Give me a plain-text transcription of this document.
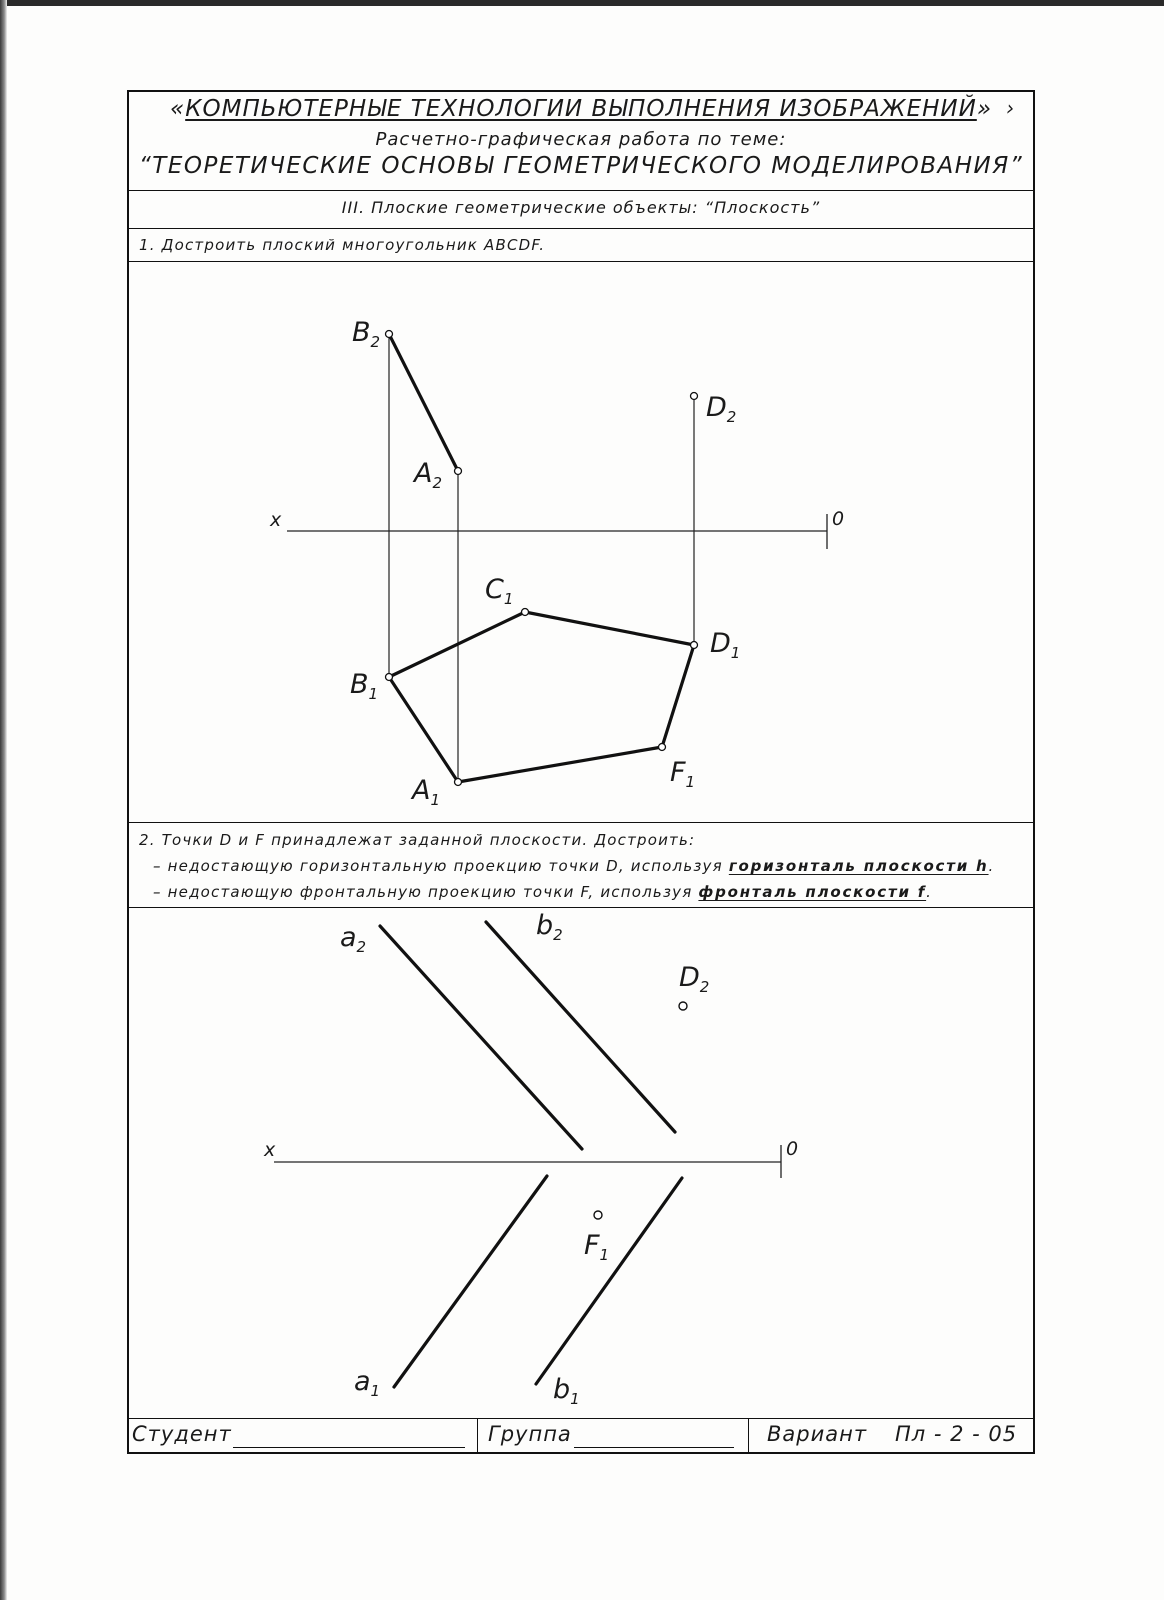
«КОМПЬЮТЕРНЫЕ ТЕХНОЛОГИИ ВЫПОЛНЕНИЯ ИЗОБРАЖЕНИЙ» ›
Расчетно-графическая работа по теме:
“ТЕОРЕТИЧЕСКИЕ ОСНОВЫ ГЕОМЕТРИЧЕСКОГО МОДЕЛИРОВАНИЯ”
III. Плоские геометрические объекты: “Плоскость”
1. Достроить плоский многоугольник ABCDF.
2. Точки D и F принадлежат заданной плоскости. Достроить:
– недостающую горизонтальную проекцию точки D, используя горизонталь плоскости h.
– недостающую фронтальную проекцию точки F, используя фронталь плоскости f.
Студент	Группа	Вариант Пл - 2 - 05
x	0
$B_2$
$A_2$
$D_2$
$C_1$
$D_1$
$B_1$
$A_1$
$F_1$
x	0
$a_2$
$b_2$
$D_2$
$F_1$
$a_1$	$b_1$
